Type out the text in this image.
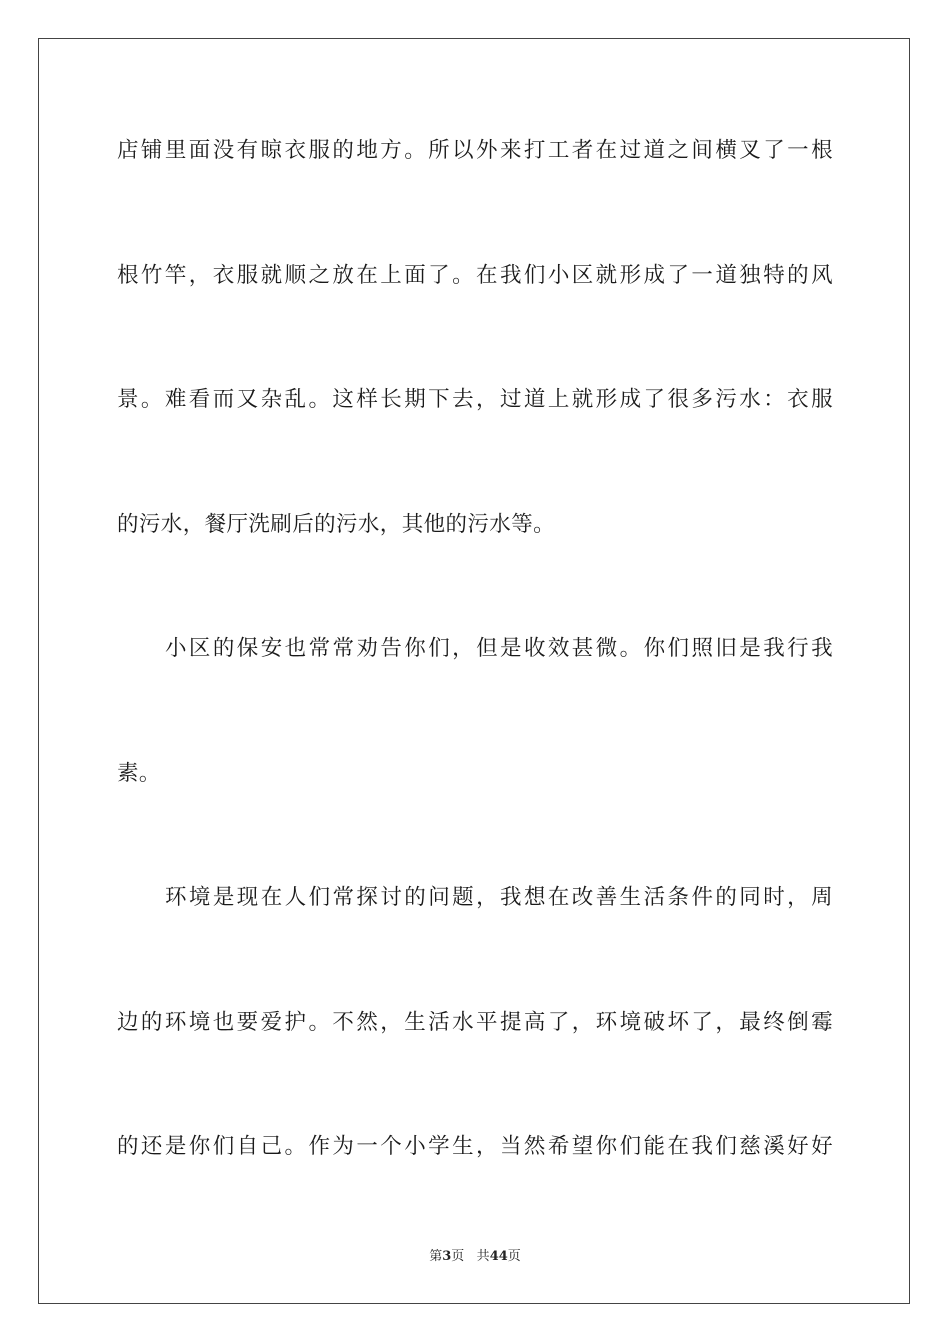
店铺里面没有晾衣服的地方。所以外来打工者在过道之间横叉了一根
根竹竿，衣服就顺之放在上面了。在我们小区就形成了一道独特的风
景。难看而又杂乱。这样长期下去，过道上就形成了很多污水：衣服
的污水，餐厅洗刷后的污水，其他的污水等。
小区的保安也常常劝告你们，但是收效甚微。你们照旧是我行我
素。
环境是现在人们常探讨的问题，我想在改善生活条件的同时，周
边的环境也要爱护。不然，生活水平提高了，环境破坏了，最终倒霉
的还是你们自己。作为一个小学生，当然希望你们能在我们慈溪好好
第3页 共44页
